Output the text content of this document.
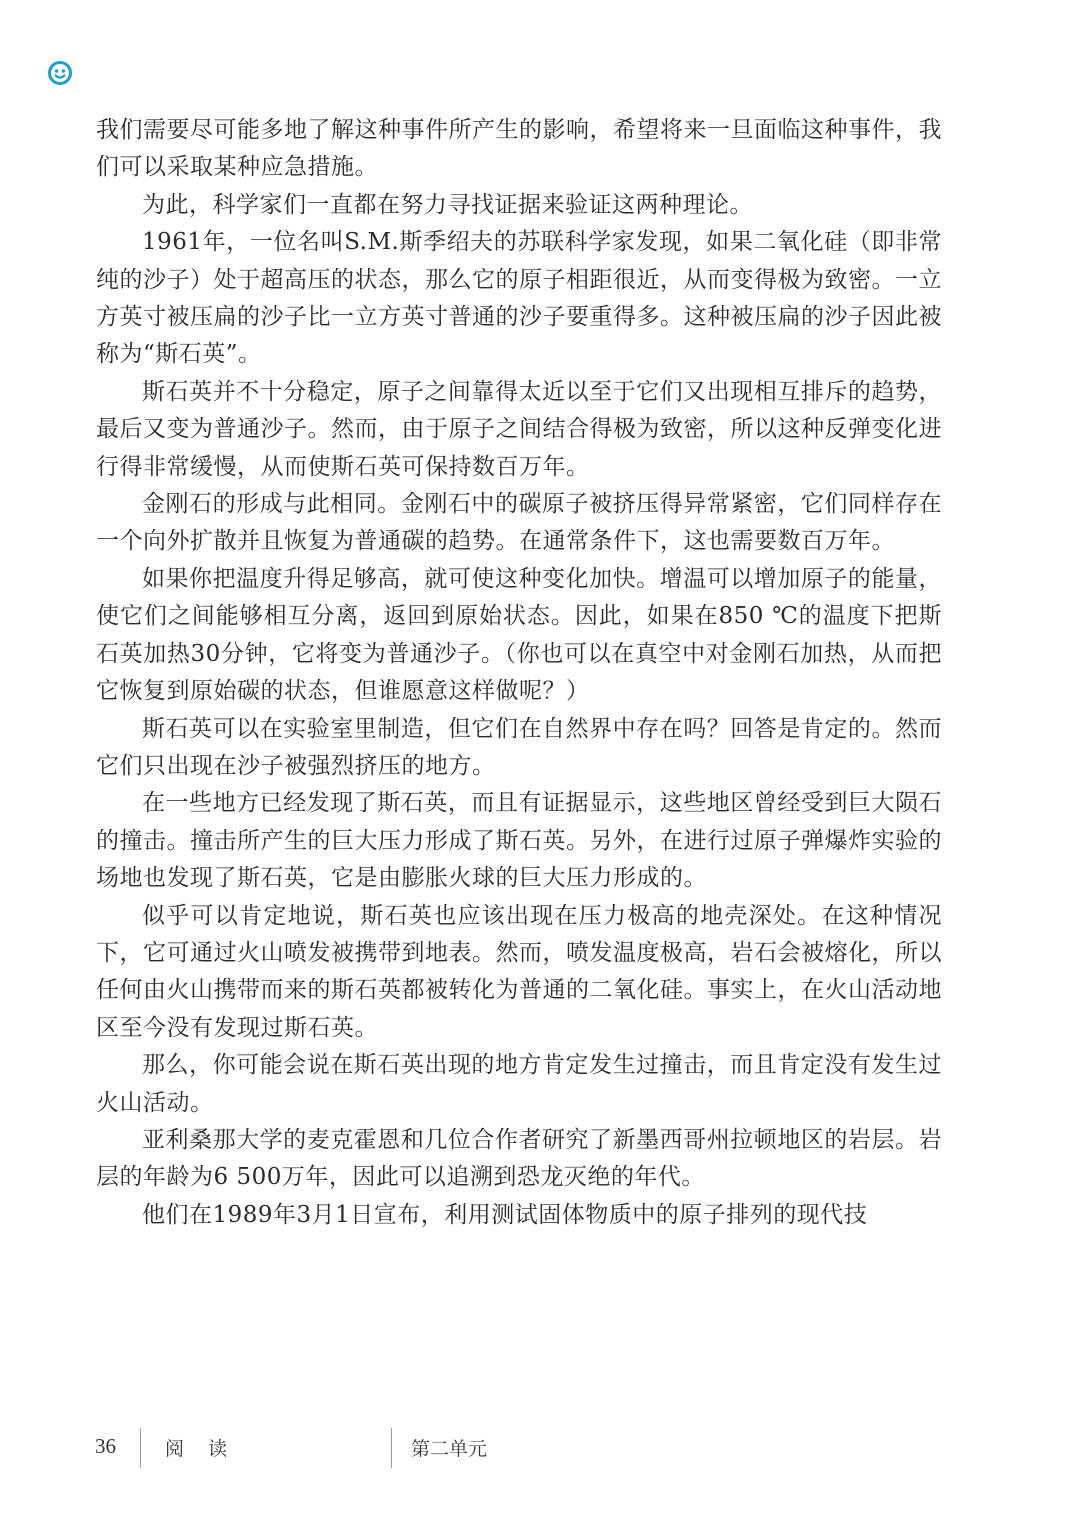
我们需要尽可能多地了解这种事件所产生的影响，希望将来一旦面临这种事件，我们可以采取某种应急措施。

为此，科学家们一直都在努力寻找证据来验证这两种理论。

1961年，一位名叫S.M.斯季绍夫的苏联科学家发现，如果二氧化硅（即非常纯的沙子）处于超高压的状态，那么它的原子相距很近，从而变得极为致密。一立方英寸被压扁的沙子比一立方英寸普通的沙子要重得多。这种被压扁的沙子因此被称为“斯石英”。

斯石英并不十分稳定，原子之间靠得太近以至于它们又出现相互排斥的趋势，最后又变为普通沙子。然而，由于原子之间结合得极为致密，所以这种反弹变化进行得非常缓慢，从而使斯石英可保持数百万年。

金刚石的形成与此相同。金刚石中的碳原子被挤压得异常紧密，它们同样存在一个向外扩散并且恢复为普通碳的趋势。在通常条件下，这也需要数百万年。

如果你把温度升得足够高，就可使这种变化加快。增温可以增加原子的能量，使它们之间能够相互分离，返回到原始状态。因此，如果在850 ℃的温度下把斯石英加热30分钟，它将变为普通沙子。（你也可以在真空中对金刚石加热，从而把它恢复到原始碳的状态，但谁愿意这样做呢？）

斯石英可以在实验室里制造，但它们在自然界中存在吗？回答是肯定的。然而它们只出现在沙子被强烈挤压的地方。

在一些地方已经发现了斯石英，而且有证据显示，这些地区曾经受到巨大陨石的撞击。撞击所产生的巨大压力形成了斯石英。另外，在进行过原子弹爆炸实验的场地也发现了斯石英，它是由膨胀火球的巨大压力形成的。

似乎可以肯定地说，斯石英也应该出现在压力极高的地壳深处。在这种情况下，它可通过火山喷发被携带到地表。然而，喷发温度极高，岩石会被熔化，所以任何由火山携带而来的斯石英都被转化为普通的二氧化硅。事实上，在火山活动地区至今没有发现过斯石英。

那么，你可能会说在斯石英出现的地方肯定发生过撞击，而且肯定没有发生过火山活动。

亚利桑那大学的麦克霍恩和几位合作者研究了新墨西哥州拉顿地区的岩层。岩层的年龄为6 500万年，因此可以追溯到恐龙灭绝的年代。

他们在1989年3月1日宣布，利用测试固体物质中的原子排列的现代技

36	阅 读	第二单元
